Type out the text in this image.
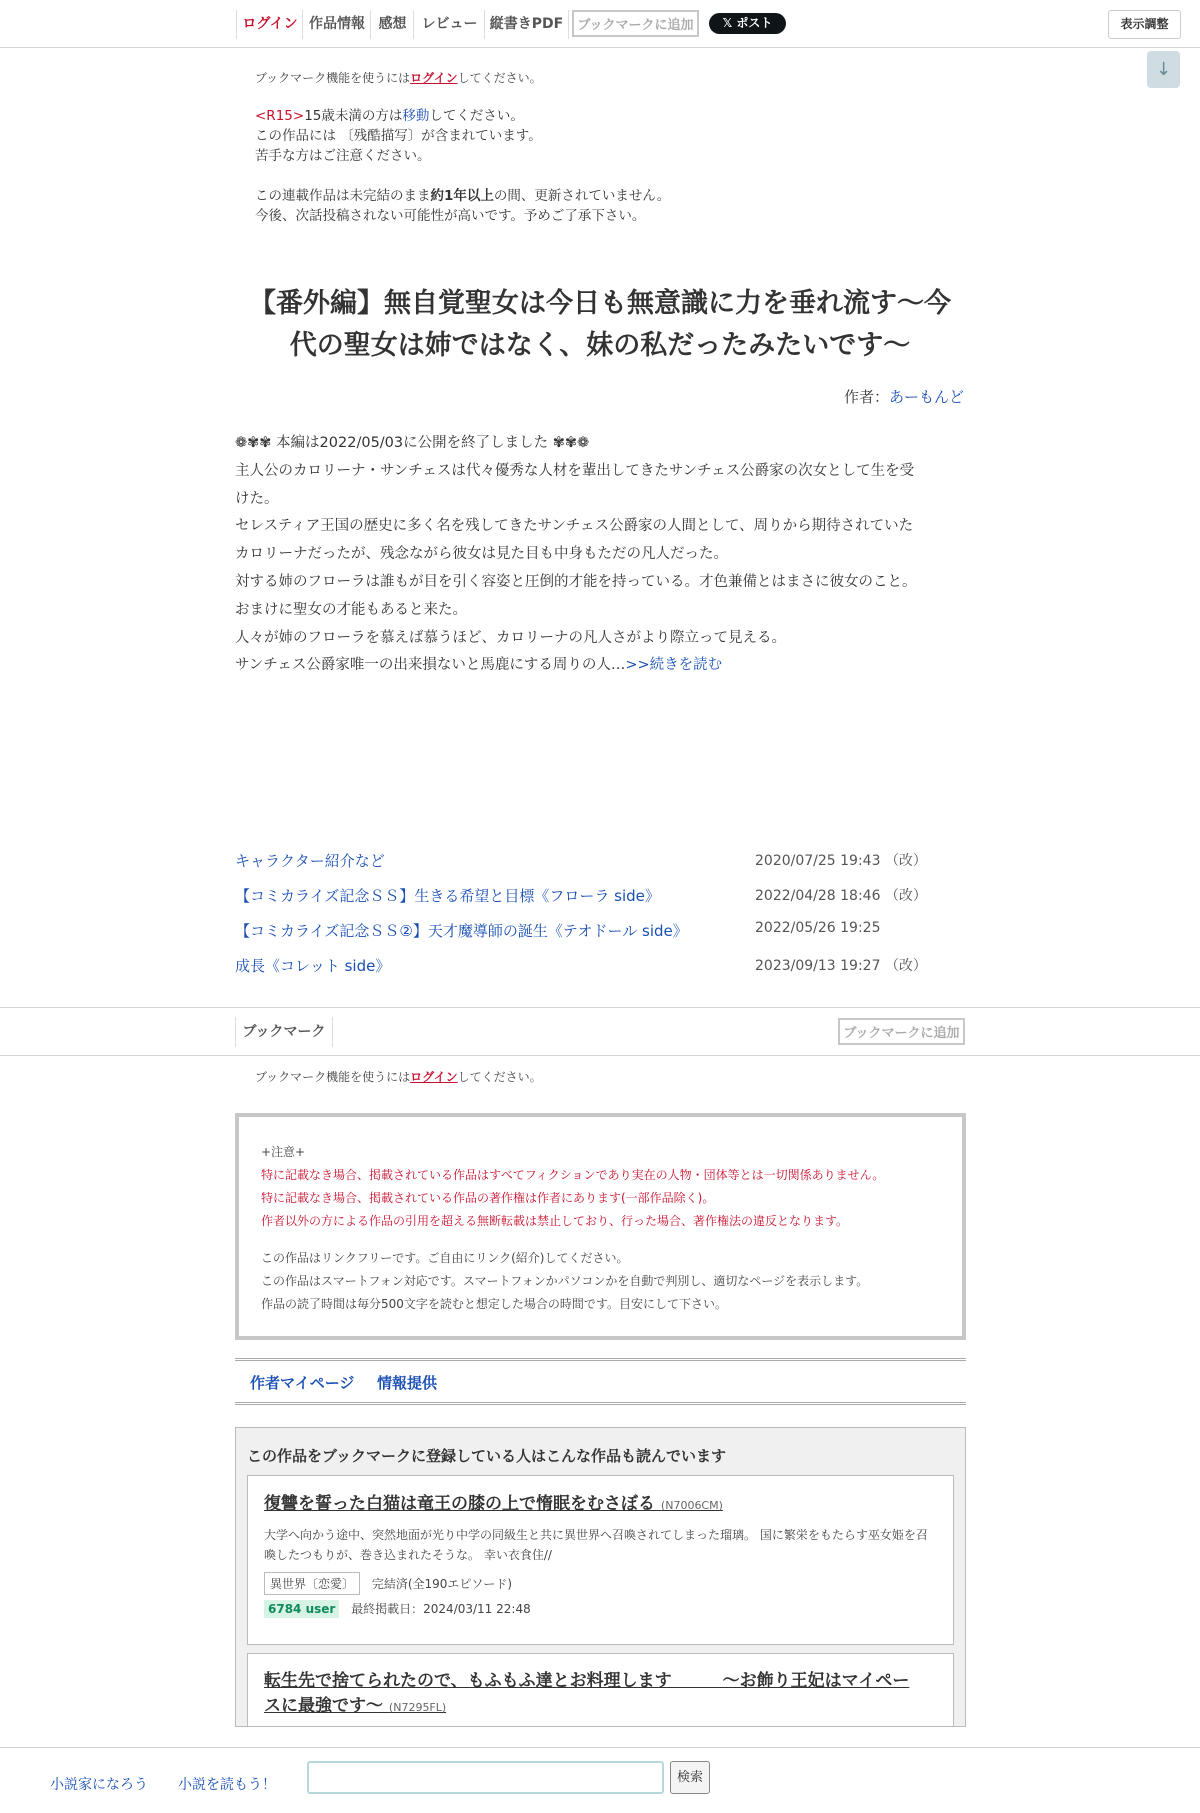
ログイン 作品情報 感想	レビュー 縦書きPDF	ブックマークに追加	𝕏 ポスト	表示調整
↓
ブックマーク機能を使うにはログインしてください。
<R15>15歳未満の方は移動してください。
この作品には 〔残酷描写〕が含まれています。
苦手な方はご注意ください。
この連載作品は未完結のまま約1年以上の間、更新されていません。
今後、次話投稿されない可能性が高いです。予めご了承下さい。
【番外編】無自覚聖女は今日も無意識に力を垂れ流す〜今
代の聖女は姉ではなく、妹の私だったみたいです〜
作者：あーもんど

❁✾✾ 本編は2022/05/03に公開を終了しました ✾✾❁

主人公のカロリーナ・サンチェスは代々優秀な人材を輩出してきたサンチェス公爵家の次女として生を受

けた。

セレスティア王国の歴史に多く名を残してきたサンチェス公爵家の人間として、周りから期待されていた

カロリーナだったが、残念ながら彼女は見た目も中身もただの凡人だった。

対する姉のフローラは誰もが目を引く容姿と圧倒的才能を持っている。才色兼備とはまさに彼女のこと。

おまけに聖女の才能もあると来た。

人々が姉のフローラを慕えば慕うほど、カロリーナの凡人さがより際立って見える。

サンチェス公爵家唯一の出来損ないと馬鹿にする周りの人…>>続きを読む

キャラクター紹介など	2020/07/25 19:43 （改）
【コミカライズ記念ＳＳ】生きる希望と目標《フローラ side》	2022/04/28 18:46 （改）
【コミカライズ記念ＳＳ②】天才魔導師の誕生《テオドール side》	2022/05/26 19:25
成長《コレット side》	2023/09/13 19:27 （改）
ブックマーク	ブックマークに追加
ブックマーク機能を使うにはログインしてください。
+注意+
特に記載なき場合、掲載されている作品はすべてフィクションであり実在の人物・団体等とは一切関係ありません。
特に記載なき場合、掲載されている作品の著作権は作者にあります(一部作品除く)。
作者以外の方による作品の引用を超える無断転載は禁止しており、行った場合、著作権法の違反となります。
この作品はリンクフリーです。ご自由にリンク(紹介)してください。
この作品はスマートフォン対応です。スマートフォンかパソコンかを自動で判別し、適切なページを表示します。
作品の読了時間は毎分500文字を読むと想定した場合の時間です。目安にして下さい。
作者マイページ 情報提供
この作品をブックマークに登録している人はこんな作品も読んでいます
復讐を誓った白猫は竜王の膝の上で惰眠をむさぼる (N7006CM)
大学へ向かう途中、突然地面が光り中学の同級生と共に異世界へ召喚されてしまった瑠璃。 国に繁栄をもたらす巫女姫を召喚したつもりが、巻き込まれたそうな。 幸い衣食住//
異世界〔恋愛〕 完結済(全190エピソード)
6784 user 最終掲載日：2024/03/11 22:48
転生先で捨てられたので、もふもふ達とお料理します　　　〜お飾り王妃はマイペー
スに最強です〜 (N7295FL)
小説家になろう 小説を読もう！	検索
